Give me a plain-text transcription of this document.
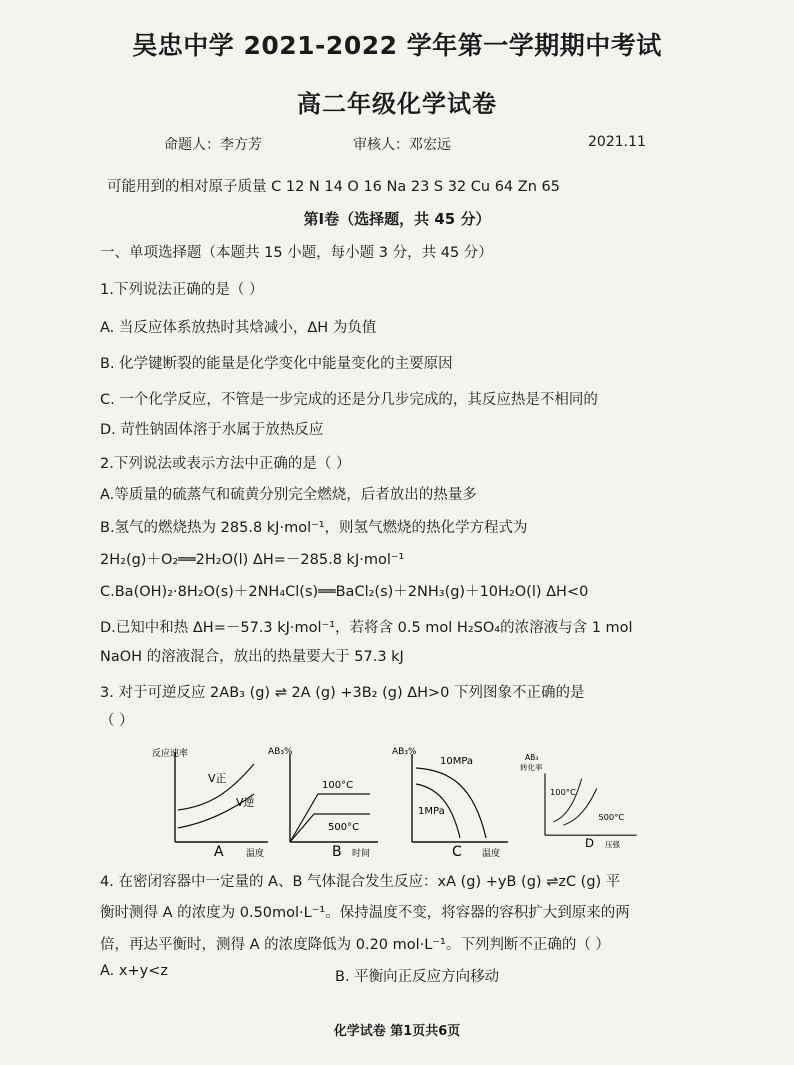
吴忠中学 2021-2022 学年第一学期期中考试
高二年级化学试卷
命题人：李方芳	审核人：邓宏远	2021.11
可能用到的相对原子质量 C 12 N 14 O 16 Na 23 S 32 Cu 64 Zn 65
第Ⅰ卷（选择题，共 45 分）
一、单项选择题（本题共 15 小题，每小题 3 分，共 45 分）
1.下列说法正确的是（ ）
A. 当反应体系放热时其焓减小，ΔH 为负值
B. 化学键断裂的能量是化学变化中能量变化的主要原因
C. 一个化学反应，不管是一步完成的还是分几步完成的，其反应热是不相同的
D. 苛性钠固体溶于水属于放热反应
2.下列说法或表示方法中正确的是（ ）
A.等质量的硫蒸气和硫黄分别完全燃烧，后者放出的热量多
B.氢气的燃烧热为 285.8 kJ·mol⁻¹，则氢气燃烧的热化学方程式为
2H₂(g)＋O₂══2H₂O(l) ΔH=－285.8 kJ·mol⁻¹
C.Ba(OH)₂·8H₂O(s)＋2NH₄Cl(s)══BaCl₂(s)＋2NH₃(g)＋10H₂O(l) ΔH<0
D.已知中和热 ΔH=－57.3 kJ·mol⁻¹，若将含 0.5 mol H₂SO₄的浓溶液与含 1 mol
NaOH 的溶液混合，放出的热量要大于 57.3 kJ
3. 对于可逆反应 2AB₃ (g) ⇌ 2A (g) +3B₂ (g) ΔH>0 下列图象不正确的是
（ ）
反应速率
V正
V逆
A 温度
AB₃%
100°C
500°C
B 时间
AB₃%
10MPa
1MPa
C 温度
AB₃
转化率
100°C
500°C
D 压强
4. 在密闭容器中一定量的 A、B 气体混合发生反应：xA (g) +yB (g) ⇌zC (g) 平
衡时测得 A 的浓度为 0.50mol·L⁻¹。保持温度不变，将容器的容积扩大到原来的两
倍，再达平衡时，测得 A 的浓度降低为 0.20 mol·L⁻¹。下列判断不正确的（ ）
A. x+y<z	B. 平衡向正反应方向移动
化学试卷 第1页共6页
